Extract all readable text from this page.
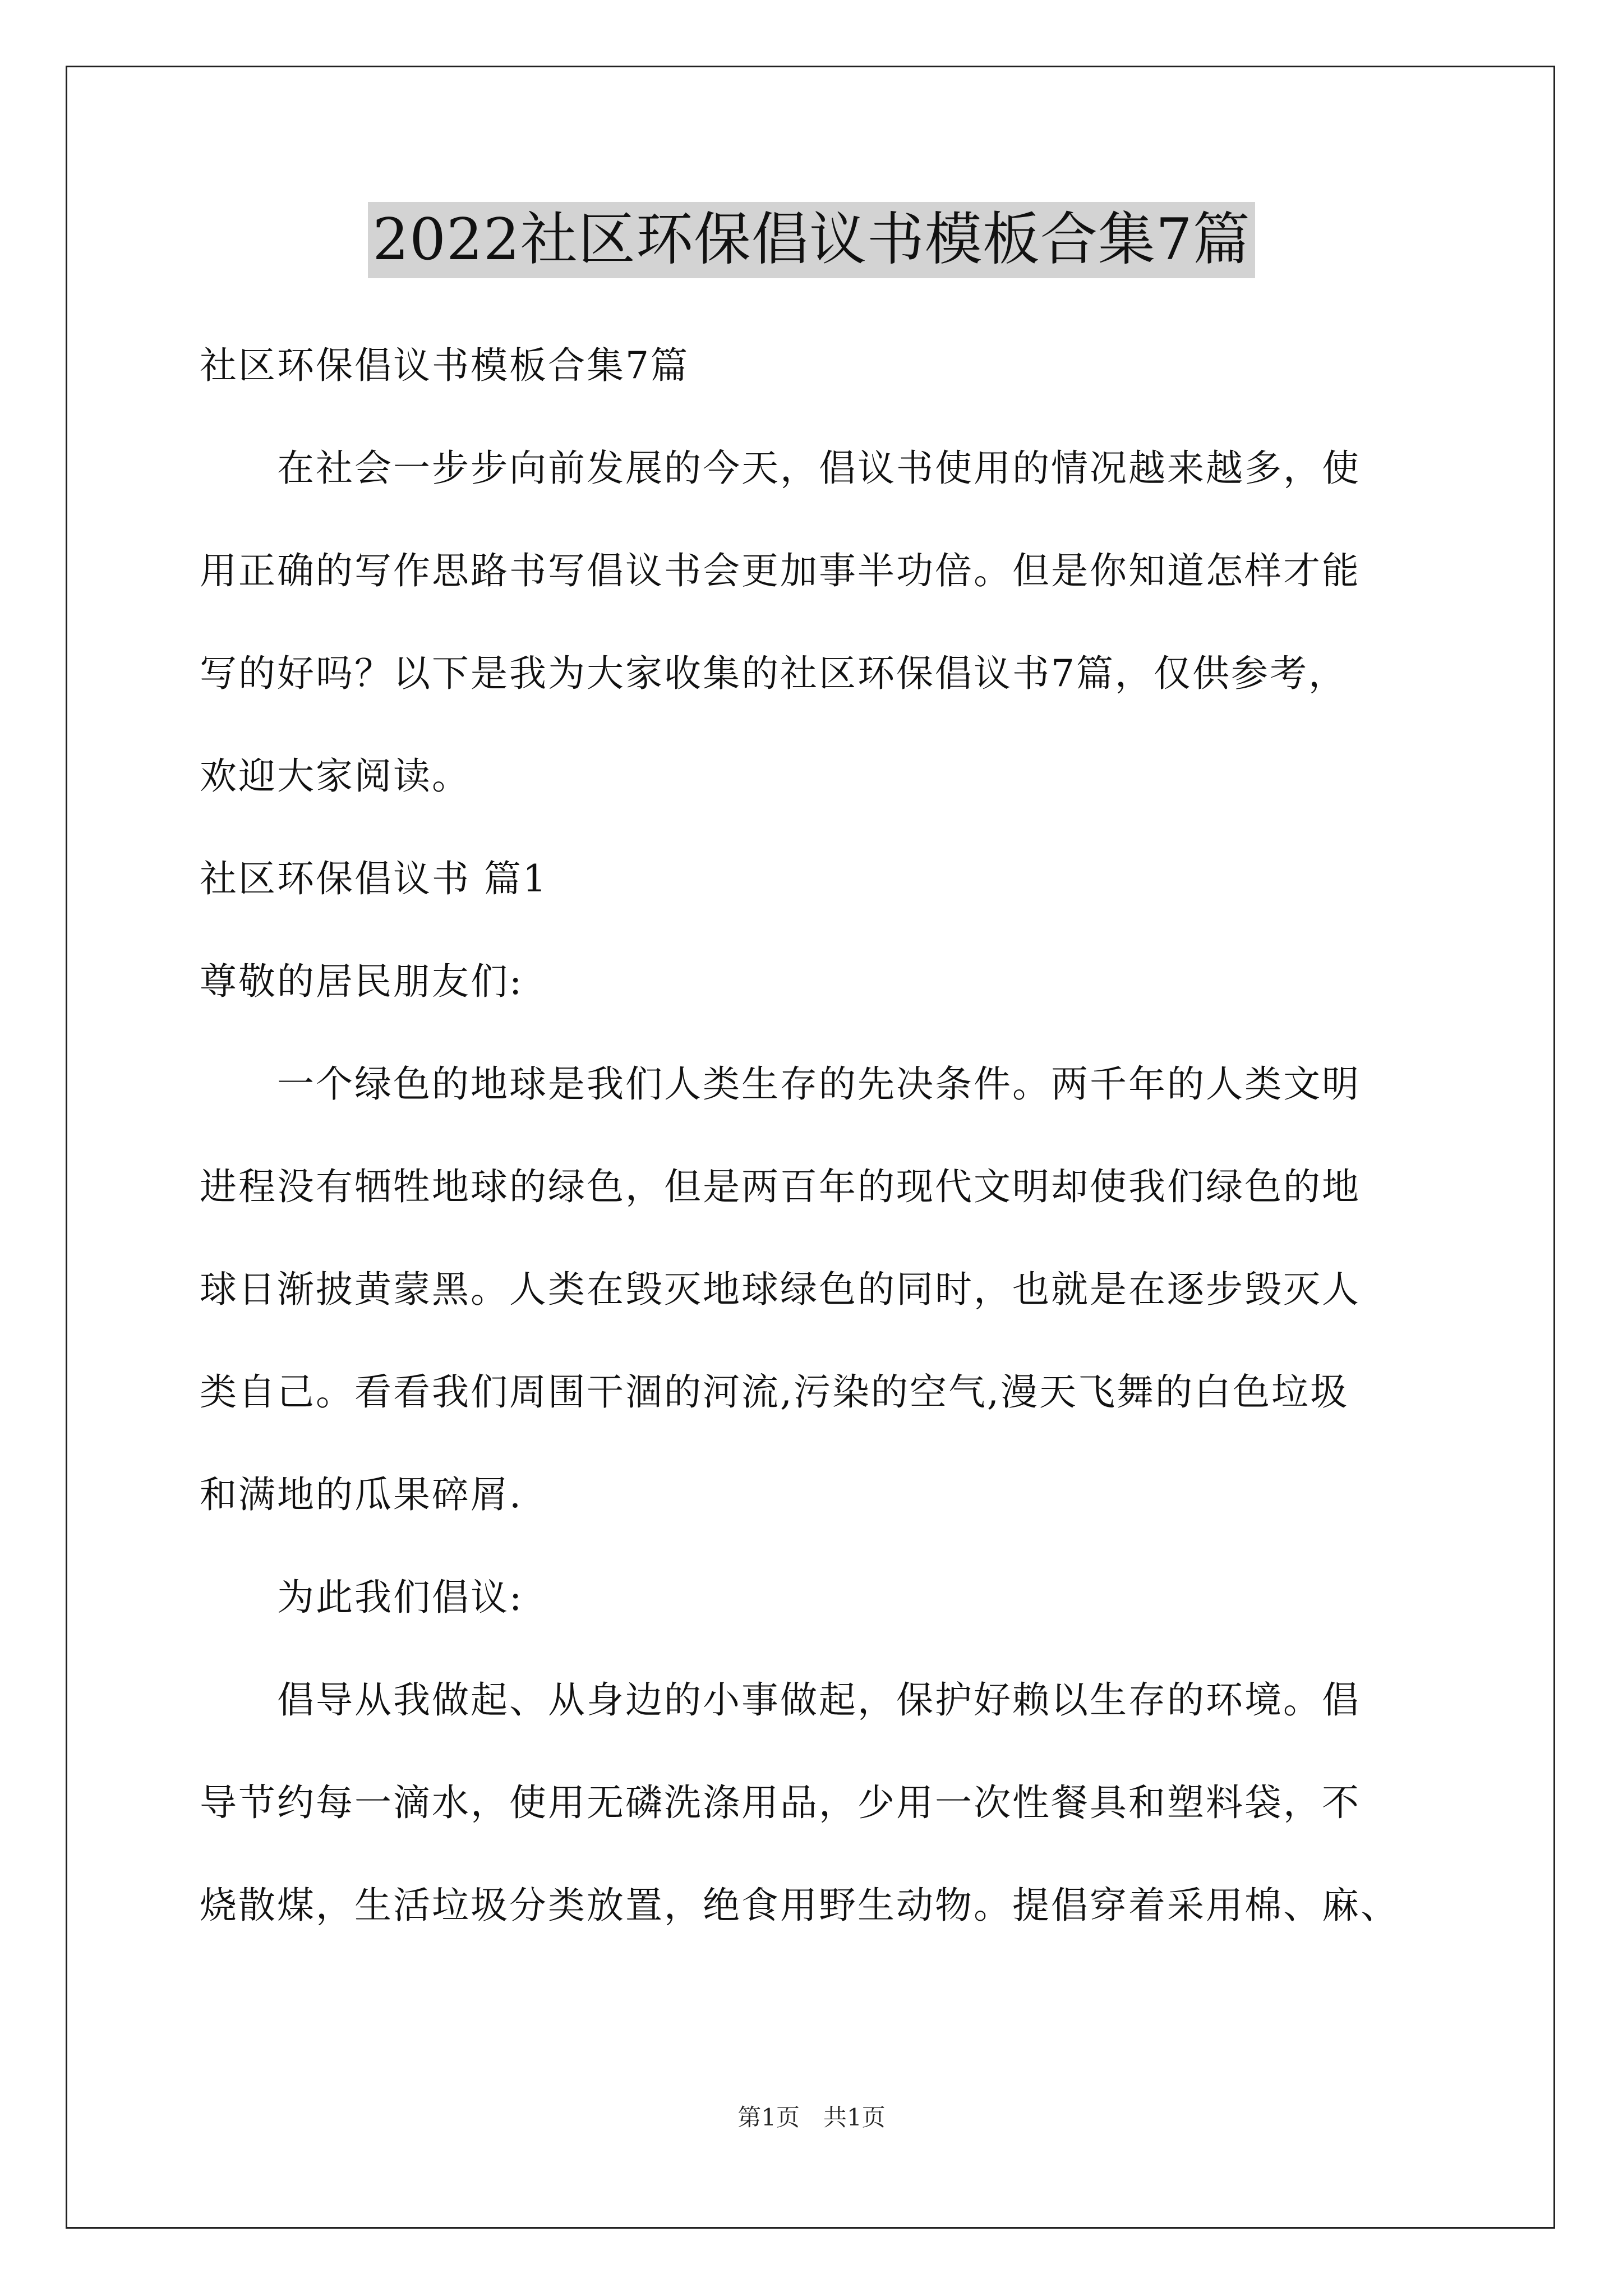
2022社区环保倡议书模板合集7篇
社区环保倡议书模板合集7篇
　　在社会一步步向前发展的今天，倡议书使用的情况越来越多，使
用正确的写作思路书写倡议书会更加事半功倍。但是你知道怎样才能
写的好吗？以下是我为大家收集的社区环保倡议书7篇，仅供参考，
欢迎大家阅读。
社区环保倡议书 篇1
尊敬的居民朋友们:
　　一个绿色的地球是我们人类生存的先决条件。两千年的人类文明
进程没有牺牲地球的绿色，但是两百年的现代文明却使我们绿色的地
球日渐披黄蒙黑。人类在毁灭地球绿色的同时，也就是在逐步毁灭人
类自己。看看我们周围干涸的河流,污染的空气,漫天飞舞的白色垃圾
和满地的瓜果碎屑.
　　为此我们倡议:
　　倡导从我做起、从身边的小事做起，保护好赖以生存的环境。倡
导节约每一滴水，使用无磷洗涤用品，少用一次性餐具和塑料袋，不
烧散煤，生活垃圾分类放置，绝食用野生动物。提倡穿着采用棉、麻、
第1页　共1页
